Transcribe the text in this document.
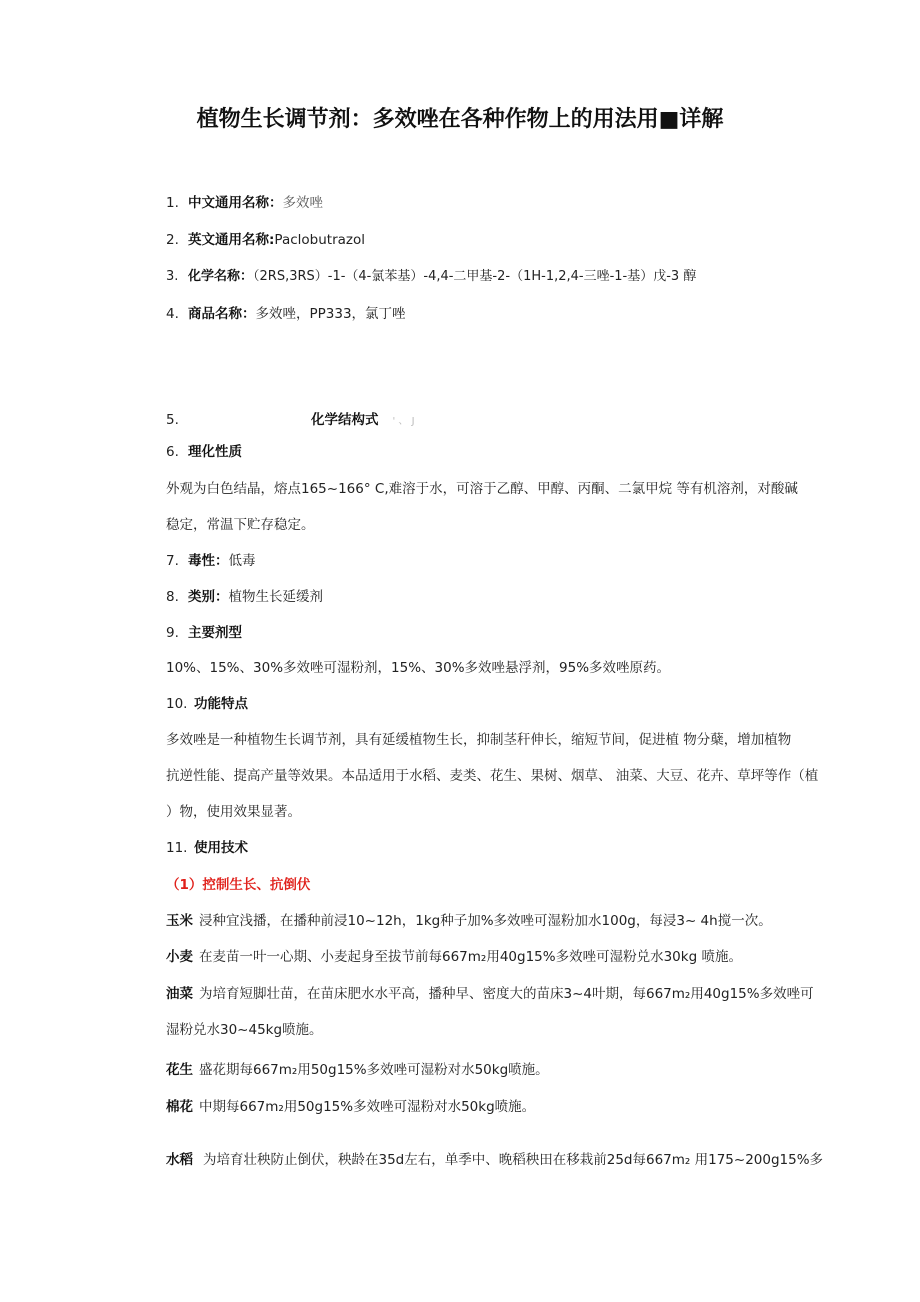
植物生长调节剂：多效唑在各种作物上的用法用■详解
1. 中文通用名称：多效唑
2. 英文通用名称:Paclobutrazol
3. 化学名称：（2RS,3RS）-1-（4-氯苯基）-4,4-二甲基-2-（1H-1,2,4-三唑-1-基）戊-3 醇
4. 商品名称：多效唑，PP333，氯丁唑
5.	化学结构式 ' 、 J
6. 理化性质
外观为白色结晶，熔点165~166° C,难溶于水，可溶于乙醇、甲醇、丙酮、二氯甲烷 等有机溶剂，对酸碱
稳定，常温下贮存稳定。
7. 毒性：低毒
8. 类别：植物生长延缓剂
9. 主要剂型
10%、15%、30%多效唑可湿粉剂，15%、30%多效唑悬浮剂，95%多效唑原药。
10. 功能特点
多效唑是一种植物生长调节剂，具有延缓植物生长，抑制茎秆伸长，缩短节间，促进植 物分蘖，增加植物
抗逆性能、提高产量等效果。本品适用于水稻、麦类、花生、果树、烟草、 油菜、大豆、花卉、草坪等作（植
）物，使用效果显著。
11. 使用技术
（1）控制生长、抗倒伏
玉米 浸种宜浅播，在播种前浸10~12h，1kg种子加%多效唑可湿粉加水100g，每浸3~ 4h搅一次。
小麦 在麦苗一叶一心期、小麦起身至拔节前每667m₂用40g15%多效唑可湿粉兑水30kg 喷施。
油菜 为培育短脚壮苗，在苗床肥水水平高，播种早、密度大的苗床3~4叶期，每667m₂用40g15%多效唑可
湿粉兑水30~45kg喷施。
花生 盛花期每667m₂用50g15%多效唑可湿粉对水50kg喷施。
棉花 中期每667m₂用50g15%多效唑可湿粉对水50kg喷施。
水稻 为培育壮秧防止倒伏，秧龄在35d左右，单季中、晚稻秧田在移栽前25d每667m₂ 用175~200g15%多
